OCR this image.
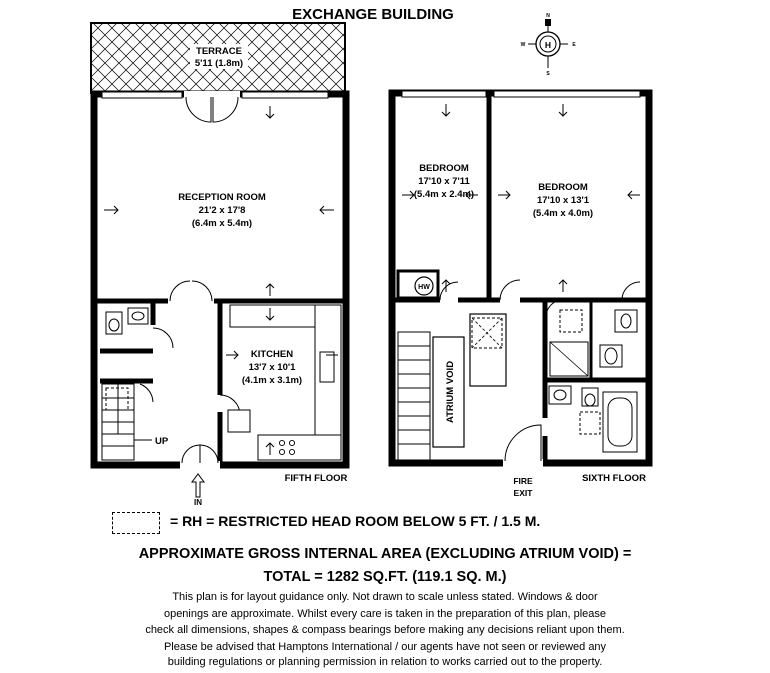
EXCHANGE BUILDING
H
N
S
W	E
TERRACE
5'11 (1.8m)
UP
IN
RECEPTION ROOM
21'2 x 17'8
(6.4m x 5.4m)
KITCHEN
13'7 x 10'1
(4.1m x 3.1m)
FIFTH FLOOR
HW
ATRIUM VOID
FIRE
EXIT
BEDROOM
17'10 x 7'11
(5.4m x 2.4m)
BEDROOM
17'10 x 13'1
(5.4m x 4.0m)
SIXTH FLOOR
= RH = RESTRICTED HEAD ROOM BELOW 5 FT. / 1.5 M.
APPROXIMATE GROSS INTERNAL AREA (EXCLUDING ATRIUM VOID) =
TOTAL = 1282 SQ.FT. (119.1 SQ. M.)
This plan is for layout guidance only. Not drawn to scale unless stated. Windows & door
openings are approximate. Whilst every care is taken in the preparation of this plan, please
check all dimensions, shapes & compass bearings before making any decisions reliant upon them.
Please be advised that Hamptons International / our agents have not seen or reviewed any
building regulations or planning permission in relation to works carried out to the property.
